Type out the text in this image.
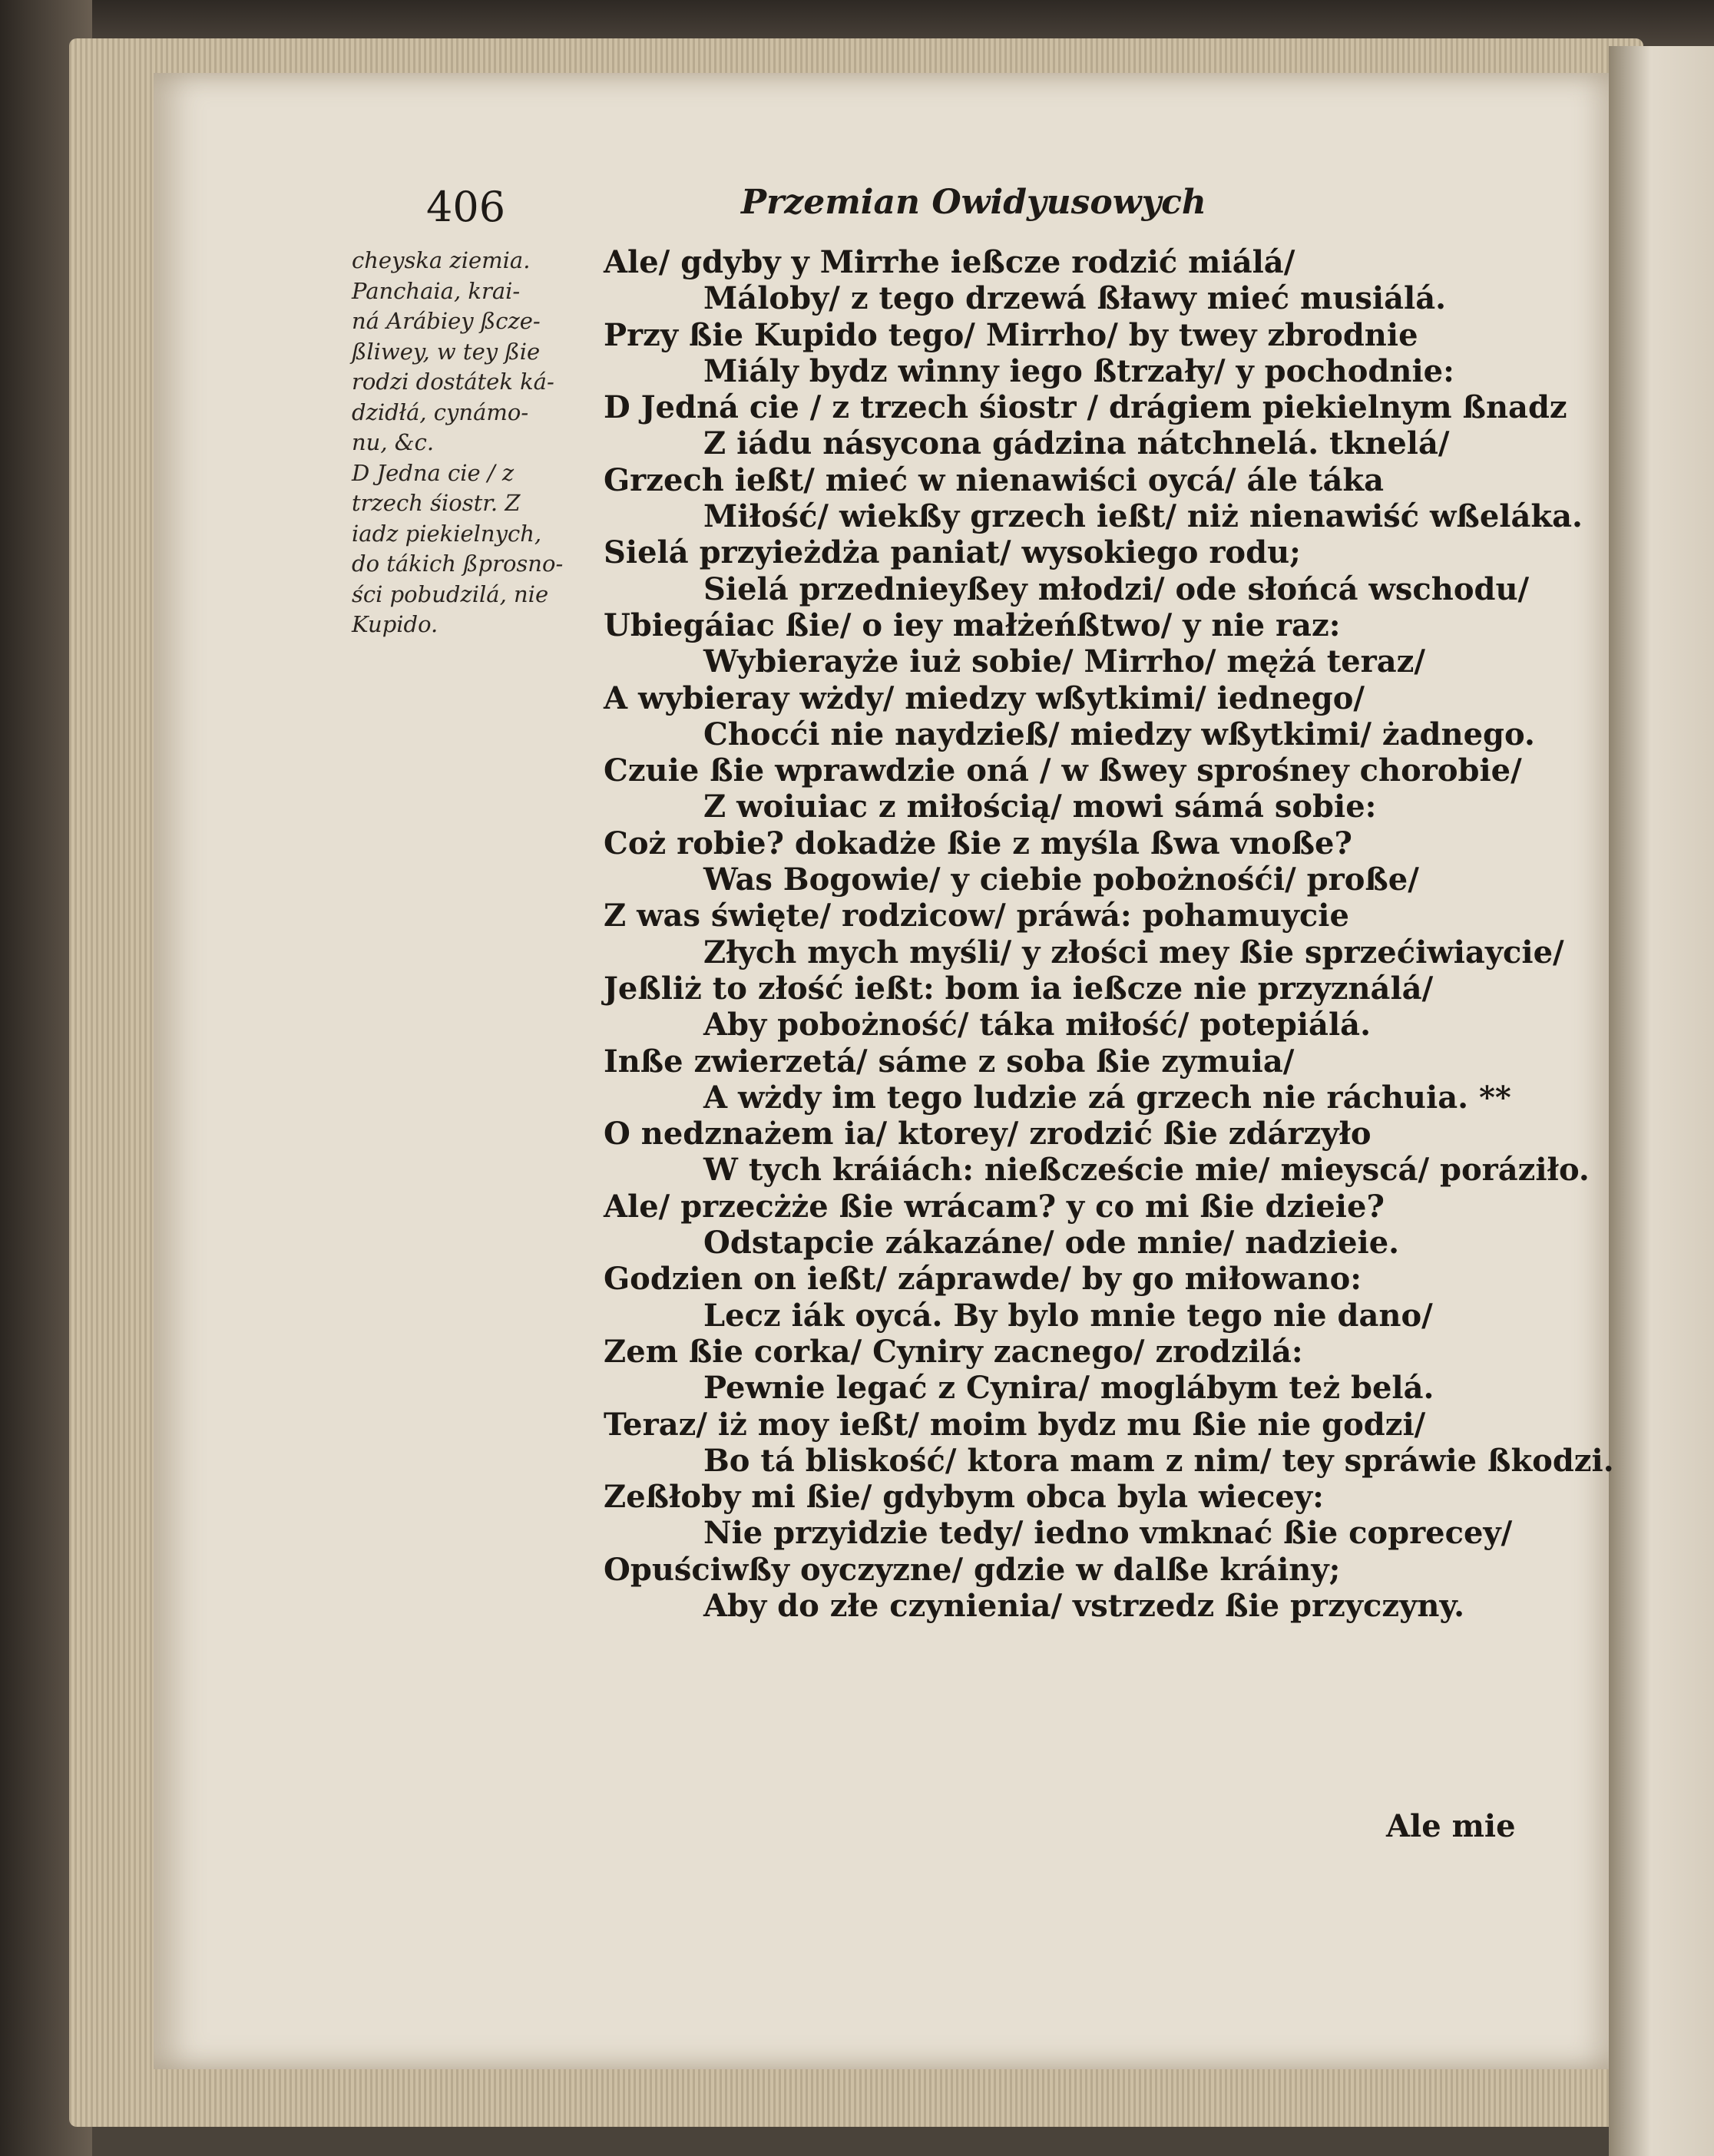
406	Przemian Owidyusowych
cheyska ziemia.
Panchaia, krai-
ná Arábiey ßcze-
ßliwey, w tey ßie
rodzi dostátek ká-
dzidłá, cynámo-
nu, &c.
D Jedna cie / z
trzech śiostr. Z
iadz piekielnych,
do tákich ßprosno-
ści pobudzilá, nie
Kupido.
Ale/ gdyby y Mirrhe ießcze rodzić miálá/
Máloby/ z tego drzewá ßławy mieć musiálá.
Przy ßie Kupido tego/ Mirrho/ by twey zbrodnie
Miály bydz winny iego ßtrzały/ y pochodnie:
D Jedná cie / z trzech śiostr / drágiem piekielnym ßnadz
Z iádu násycona gádzina nátchnelá. tknelá/
Grzech ießt/ mieć w nienawiści oycá/ ále táka
Miłość/ wiekßy grzech ießt/ niż nienawiść wßeláka.
Sielá przyieżdża paniat/ wysokiego rodu;
Sielá przednieyßey młodzi/ ode słońcá wschodu/
Ubiegáiac ßie/ o iey małżeńßtwo/ y nie raz:
Wybierayże iuż sobie/ Mirrho/ mężá teraz/
A wybieray wżdy/ miedzy wßytkimi/ iednego/
Chocći nie naydzieß/ miedzy wßytkimi/ żadnego.
Czuie ßie wprawdzie oná / w ßwey sprośney chorobie/
Z woiuiac z miłością/ mowi sámá sobie:
Coż robie? dokadże ßie z myśla ßwa vnoße?
Was Bogowie/ y ciebie pobożnośći/ proße/
Z was święte/ rodzicow/ práwá: pohamuycie
Złych mych myśli/ y złości mey ßie sprzećiwiaycie/
Jeßliż to złość ießt: bom ia ießcze nie przyználá/
Aby pobożność/ táka miłość/ potepiálá.
Inße zwierzetá/ sáme z soba ßie zymuia/
A wżdy im tego ludzie zá grzech nie ráchuia. **
O nedznażem ia/ ktorey/ zrodzić ßie zdárzyło
W tych kráiách: nießczeście mie/ mieyscá/ poráziło.
Ale/ przecżże ßie wrácam? y co mi ßie dzieie?
Odstapcie zákazáne/ ode mnie/ nadzieie.
Godzien on ießt/ záprawde/ by go miłowano:
Lecz iák oycá. By bylo mnie tego nie dano/
Zem ßie corka/ Cyniry zacnego/ zrodzilá:
Pewnie legać z Cynira/ moglábym też belá.
Teraz/ iż moy ießt/ moim bydz mu ßie nie godzi/
Bo tá bliskość/ ktora mam z nim/ tey spráwie ßkodzi.
Zeßłoby mi ßie/ gdybym obca byla wiecey:
Nie przyidzie tedy/ iedno vmknać ßie coprecey/
Opuściwßy oyczyzne/ gdzie w dalße kráiny;
Aby do złe czynienia/ vstrzedz ßie przyczyny.
Ale mie
